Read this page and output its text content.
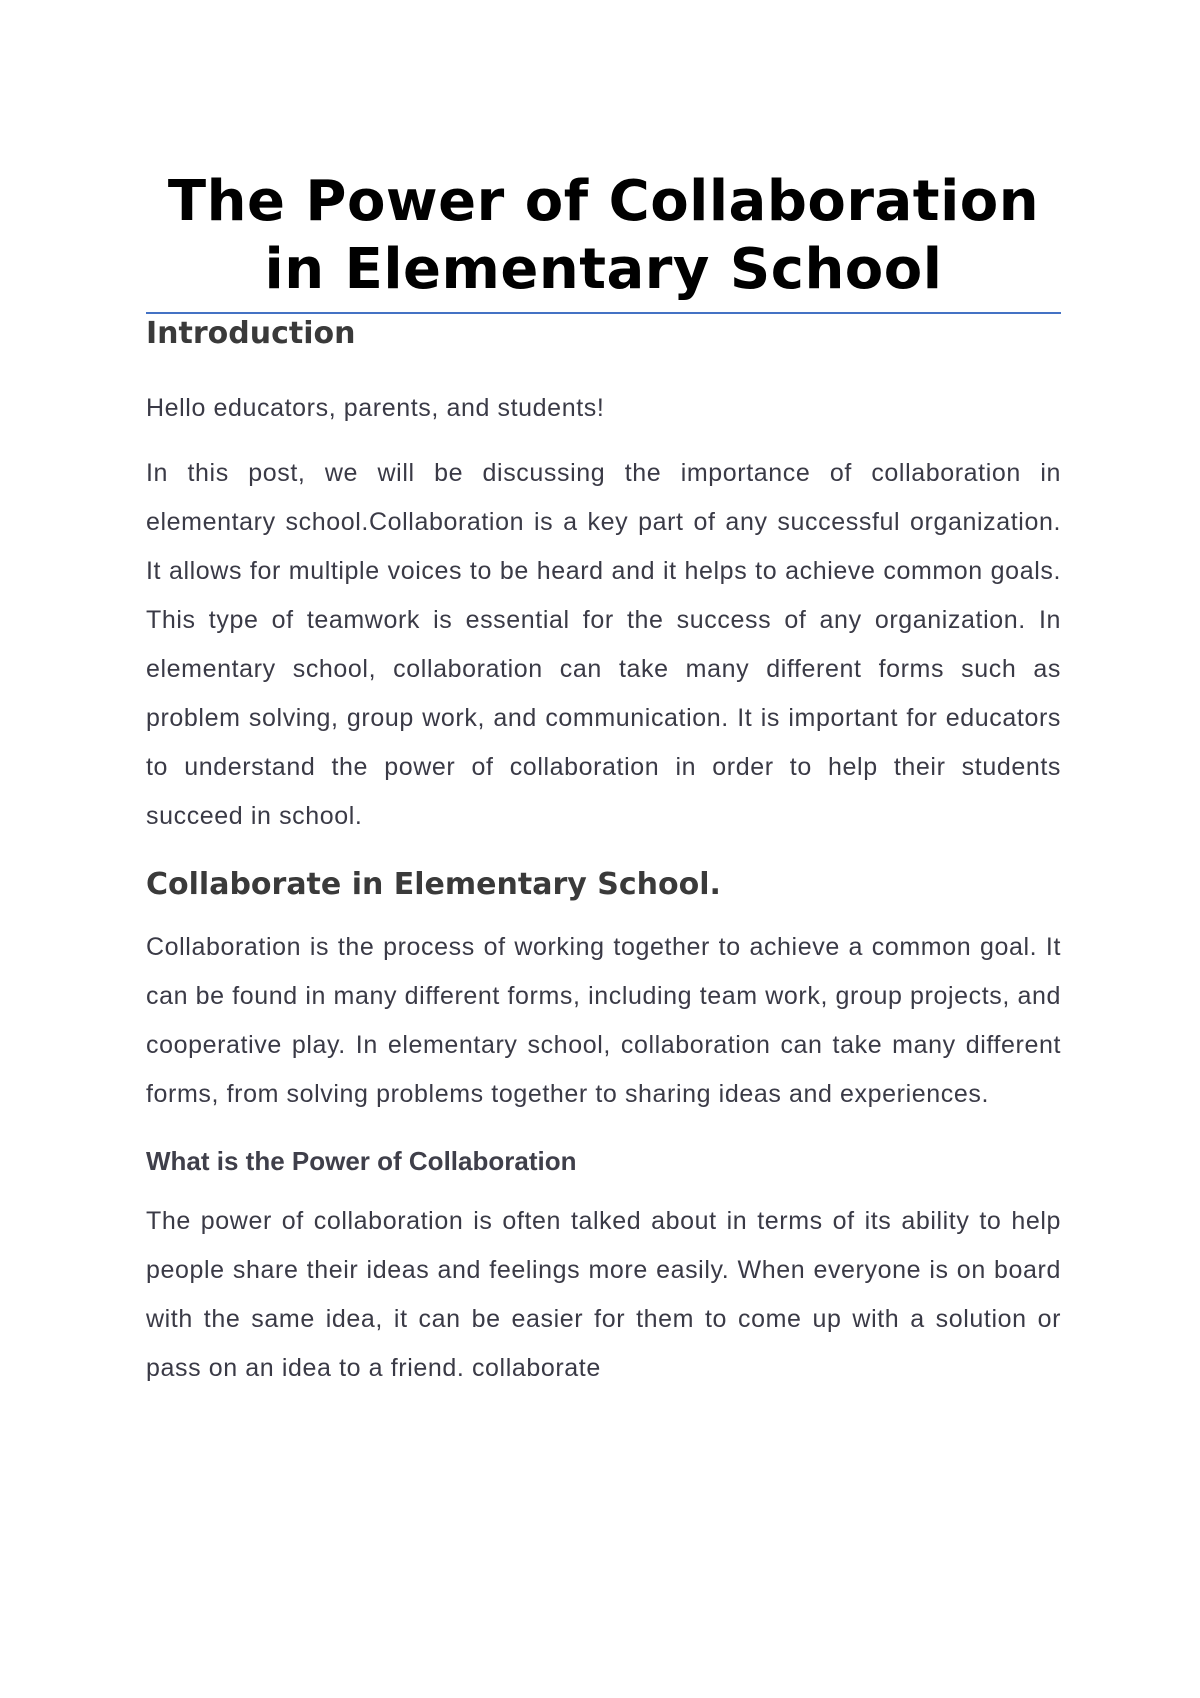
The Power of Collaboration
in Elementary School
Introduction

Hello educators, parents, and students!

In this post, we will be discussing the importance of collaboration in elementary school.Collaboration is a key part of any successful organization. It allows for multiple voices to be heard and it helps to achieve common goals. This type of teamwork is essential for the success of any organization. In elementary school, collaboration can take many different forms such as problem solving, group work, and communication. It is important for educators to understand the power of collaboration in order to help their students succeed in school.

Collaborate in Elementary School.

Collaboration is the process of working together to achieve a common goal. It can be found in many different forms, including team work, group projects, and cooperative play. In elementary school, collaboration can take many different forms, from solving problems together to sharing ideas and experiences.

What is the Power of Collaboration

The power of collaboration is often talked about in terms of its ability to help people share their ideas and feelings more easily. When everyone is on board with the same idea, it can be easier for them to come up with a solution or pass on an idea to a friend. collaborate
